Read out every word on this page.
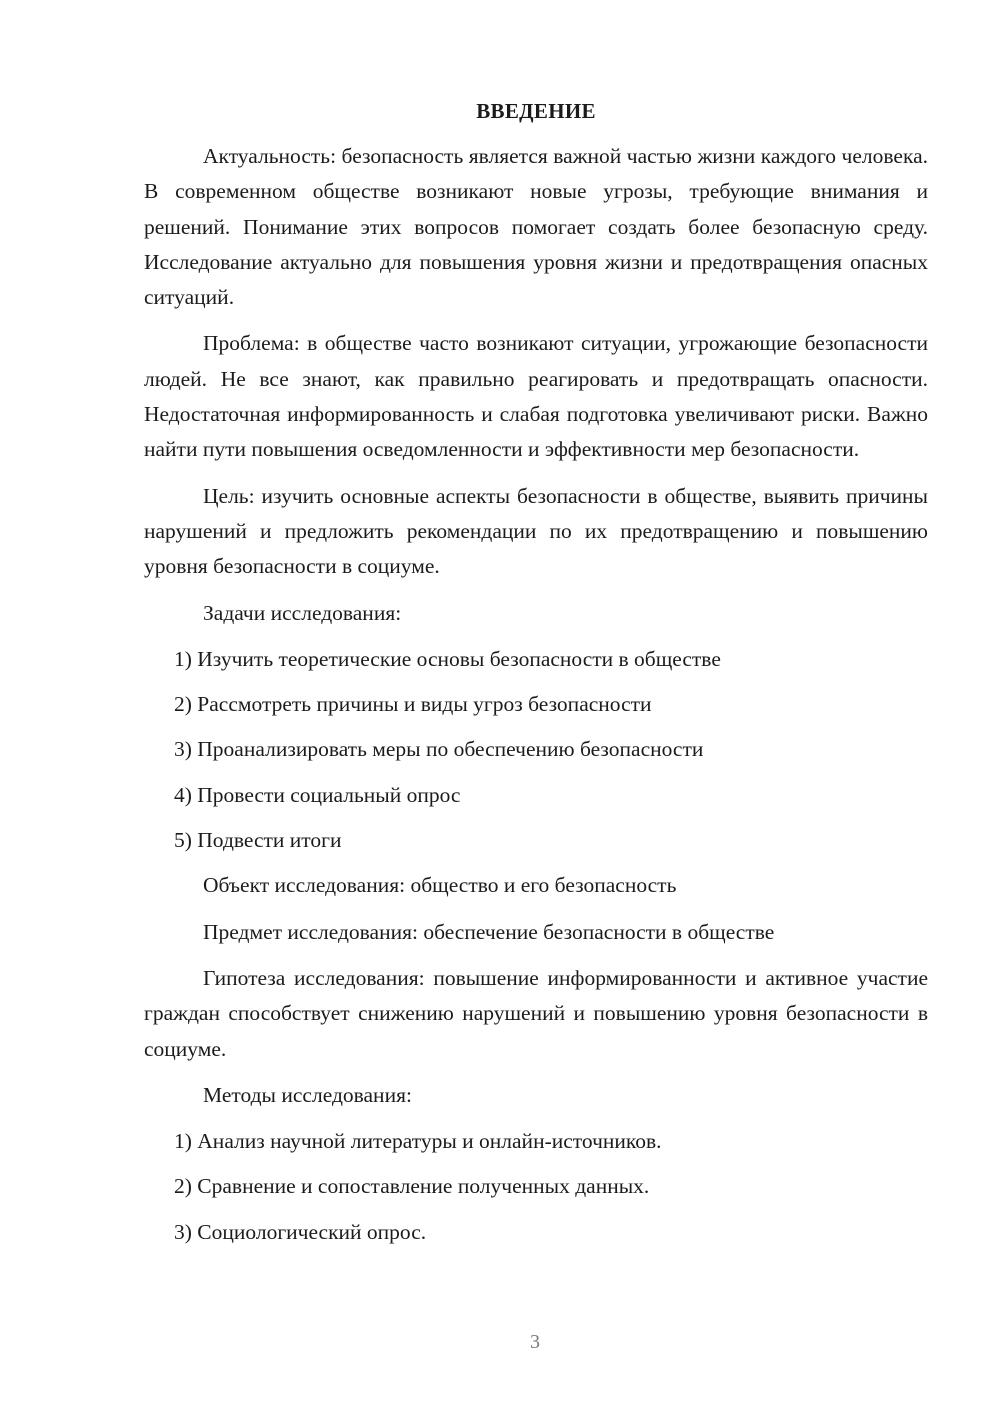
ВВЕДЕНИЕ

Актуальность: безопасность является важной частью жизни каждого человека. В современном обществе возникают новые угрозы, требующие внимания и решений. Понимание этих вопросов помогает создать более безопасную среду. Исследование актуально для повышения уровня жизни и предотвращения опасных ситуаций.

Проблема: в обществе часто возникают ситуации, угрожающие безопасности людей. Не все знают, как правильно реагировать и предотвращать опасности. Недостаточная информированность и слабая подготовка увеличивают риски. Важно найти пути повышения осведомленности и эффективности мер безопасности.

Цель: изучить основные аспекты безопасности в обществе, выявить причины нарушений и предложить рекомендации по их предотвращению и повышению уровня безопасности в социуме.

Задачи исследования:

1) Изучить теоретические основы безопасности в обществе

2) Рассмотреть причины и виды угроз безопасности

3) Проанализировать меры по обеспечению безопасности

4) Провести социальный опрос

5) Подвести итоги

Объект исследования: общество и его безопасность

Предмет исследования: обеспечение безопасности в обществе

Гипотеза исследования: повышение информированности и активное участие граждан способствует снижению нарушений и повышению уровня безопасности в социуме.

Методы исследования:

1) Анализ научной литературы и онлайн-источников.

2) Сравнение и сопоставление полученных данных.

3) Социологический опрос.

3
